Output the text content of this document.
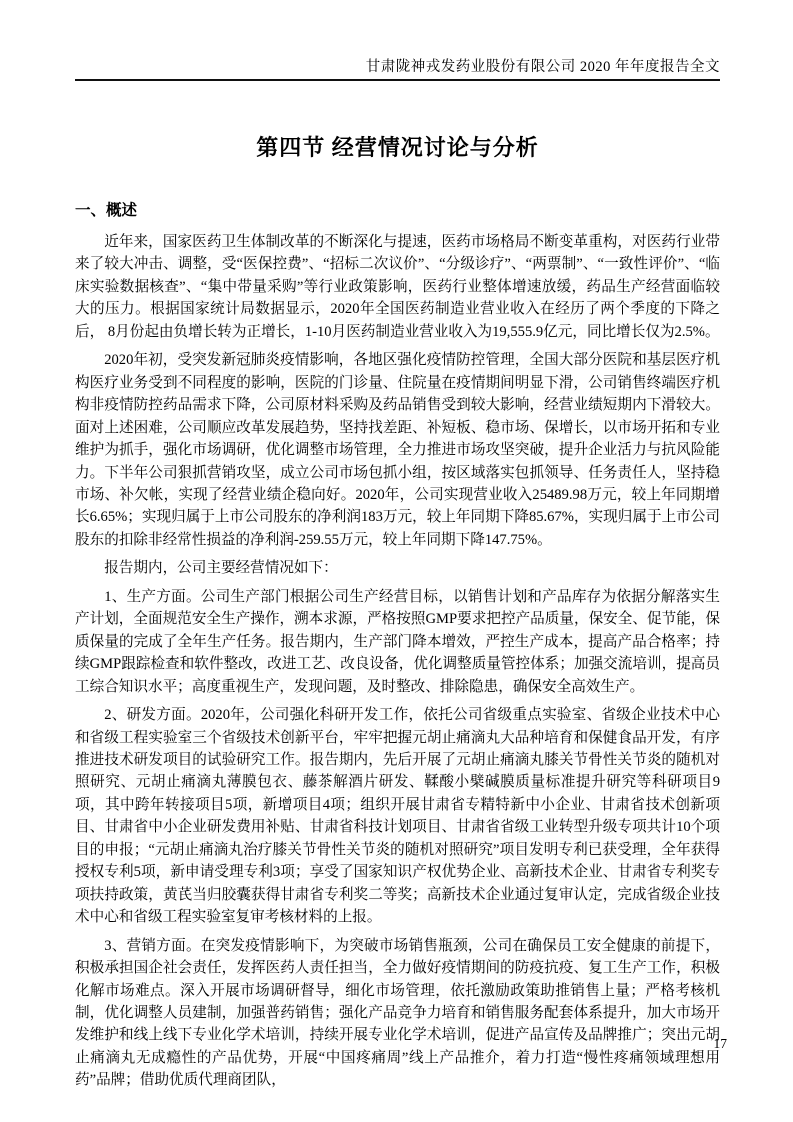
甘肃陇神戎发药业股份有限公司 2020 年年度报告全文
第四节 经营情况讨论与分析
一、概述

近年来，国家医药卫生体制改革的不断深化与提速，医药市场格局不断变革重构，对医药行业带来了较大冲击、调整，受“医保控费”、“招标二次议价”、“分级诊疗”、“两票制”、“一致性评价”、“临床实验数据核查”、“集中带量采购”等行业政策影响，医药行业整体增速放缓，药品生产经营面临较大的压力。根据国家统计局数据显示，2020年全国医药制造业营业收入在经历了两个季度的下降之后， 8月份起由负增长转为正增长，1-10月医药制造业营业收入为19,555.9亿元，同比增长仅为2.5%。

2020年初，受突发新冠肺炎疫情影响，各地区强化疫情防控管理，全国大部分医院和基层医疗机构医疗业务受到不同程度的影响，医院的门诊量、住院量在疫情期间明显下滑，公司销售终端医疗机构非疫情防控药品需求下降，公司原材料采购及药品销售受到较大影响，经营业绩短期内下滑较大。面对上述困难，公司顺应改革发展趋势，坚持找差距、补短板、稳市场、保增长，以市场开拓和专业维护为抓手，强化市场调研，优化调整市场管理，全力推进市场攻坚突破，提升企业活力与抗风险能力。下半年公司狠抓营销攻坚，成立公司市场包抓小组，按区域落实包抓领导、任务责任人，坚持稳市场、补欠帐，实现了经营业绩企稳向好。2020年，公司实现营业收入25489.98万元，较上年同期增长6.65%；实现归属于上市公司股东的净利润183万元，较上年同期下降85.67%，实现归属于上市公司股东的扣除非经常性损益的净利润-259.55万元，较上年同期下降147.75%。

报告期内，公司主要经营情况如下：

1、生产方面。公司生产部门根据公司生产经营目标，以销售计划和产品库存为依据分解落实生产计划，全面规范安全生产操作，溯本求源，严格按照GMP要求把控产品质量，保安全、促节能，保质保量的完成了全年生产任务。报告期内，生产部门降本增效，严控生产成本，提高产品合格率；持续GMP跟踪检查和软件整改，改进工艺、改良设备，优化调整质量管控体系；加强交流培训，提高员工综合知识水平；高度重视生产，发现问题，及时整改、排除隐患，确保安全高效生产。

2、研发方面。2020年，公司强化科研开发工作，依托公司省级重点实验室、省级企业技术中心和省级工程实验室三个省级技术创新平台，牢牢把握元胡止痛滴丸大品种培育和保健食品开发，有序推进技术研发项目的试验研究工作。报告期内，先后开展了元胡止痛滴丸膝关节骨性关节炎的随机对照研究、元胡止痛滴丸薄膜包衣、藤茶解酒片研发、鞣酸小檗碱膜质量标准提升研究等科研项目9项，其中跨年转接项目5项，新增项目4项；组织开展甘肃省专精特新中小企业、甘肃省技术创新项目、甘肃省中小企业研发费用补贴、甘肃省科技计划项目、甘肃省省级工业转型升级专项共计10个项目的申报；“元胡止痛滴丸治疗膝关节骨性关节炎的随机对照研究”项目发明专利已获受理，全年获得授权专利5项，新申请受理专利3项；享受了国家知识产权优势企业、高新技术企业、甘肃省专利奖专项扶持政策，黄芪当归胶囊获得甘肃省专利奖二等奖；高新技术企业通过复审认定，完成省级企业技术中心和省级工程实验室复审考核材料的上报。

3、营销方面。在突发疫情影响下，为突破市场销售瓶颈，公司在确保员工安全健康的前提下，积极承担国企社会责任，发挥医药人责任担当，全力做好疫情期间的防疫抗疫、复工生产工作，积极化解市场难点。深入开展市场调研督导，细化市场管理，依托激励政策助推销售上量；严格考核机制，优化调整人员建制，加强普药销售；强化产品竞争力培育和销售服务配套体系提升，加大市场开发维护和线上线下专业化学术培训，持续开展专业化学术培训，促进产品宣传及品牌推广；突出元胡止痛滴丸无成瘾性的产品优势，开展“中国疼痛周”线上产品推介，着力打造“慢性疼痛领域理想用药”品牌；借助优质代理商团队，

17
